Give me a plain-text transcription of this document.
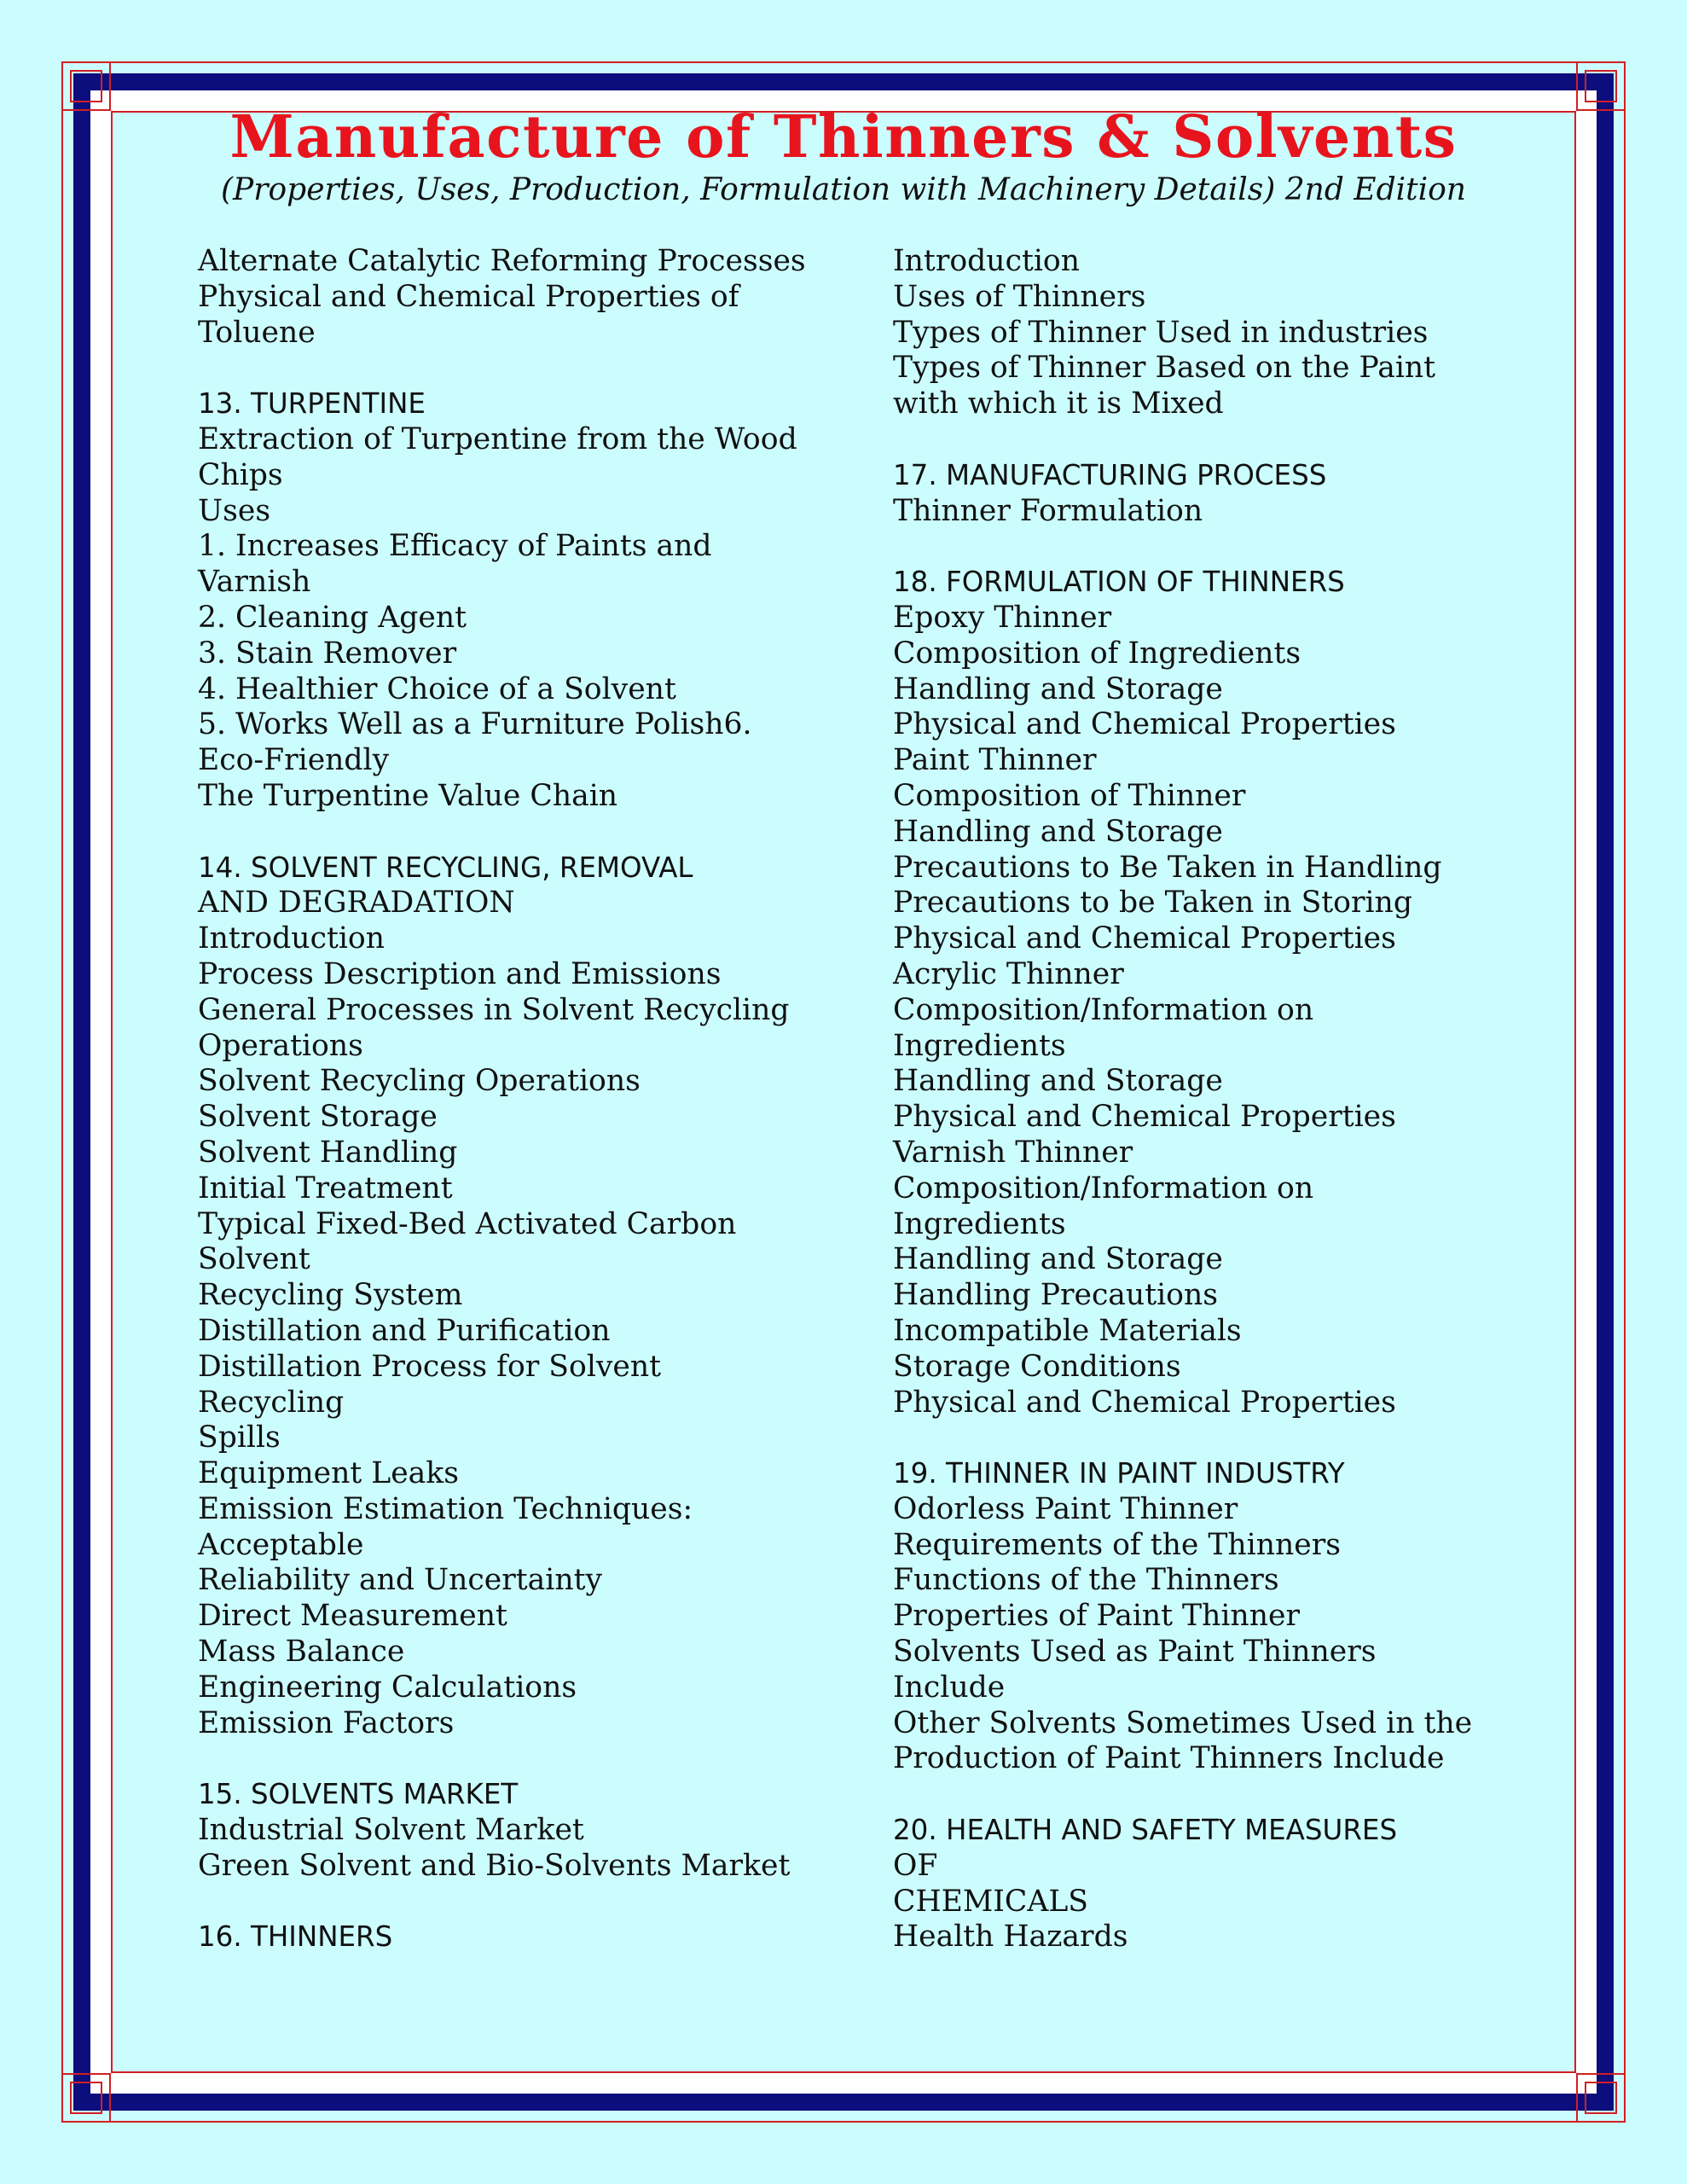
Manufacture of Thinners & Solvents
(Properties, Uses, Production, Formulation with Machinery Details) 2nd Edition
Alternate Catalytic Reforming Processes
Physical and Chemical Properties of
Toluene
13. TURPENTINE
Extraction of Turpentine from the Wood
Chips
Uses
1. Increases Efficacy of Paints and
Varnish
2. Cleaning Agent
3. Stain Remover
4. Healthier Choice of a Solvent
5. Works Well as a Furniture Polish6.
Eco-Friendly
The Turpentine Value Chain
14. SOLVENT RECYCLING, REMOVAL
AND DEGRADATION
Introduction
Process Description and Emissions
General Processes in Solvent Recycling
Operations
Solvent Recycling Operations
Solvent Storage
Solvent Handling
Initial Treatment
Typical Fixed-Bed Activated Carbon
Solvent
Recycling System
Distillation and Purification
Distillation Process for Solvent
Recycling
Spills
Equipment Leaks
Emission Estimation Techniques:
Acceptable
Reliability and Uncertainty
Direct Measurement
Mass Balance
Engineering Calculations
Emission Factors
15. SOLVENTS MARKET
Industrial Solvent Market
Green Solvent and Bio-Solvents Market
16. THINNERS
Introduction
Uses of Thinners
Types of Thinner Used in industries
Types of Thinner Based on the Paint
with which it is Mixed
17. MANUFACTURING PROCESS
Thinner Formulation
18. FORMULATION OF THINNERS
Epoxy Thinner
Composition of Ingredients
Handling and Storage
Physical and Chemical Properties
Paint Thinner
Composition of Thinner
Handling and Storage
Precautions to Be Taken in Handling
Precautions to be Taken in Storing
Physical and Chemical Properties
Acrylic Thinner
Composition/Information on
Ingredients
Handling and Storage
Physical and Chemical Properties
Varnish Thinner
Composition/Information on
Ingredients
Handling and Storage
Handling Precautions
Incompatible Materials
Storage Conditions
Physical and Chemical Properties
19. THINNER IN PAINT INDUSTRY
Odorless Paint Thinner
Requirements of the Thinners
Functions of the Thinners
Properties of Paint Thinner
Solvents Used as Paint Thinners
Include
Other Solvents Sometimes Used in the
Production of Paint Thinners Include
20. HEALTH AND SAFETY MEASURES
OF
CHEMICALS
Health Hazards
